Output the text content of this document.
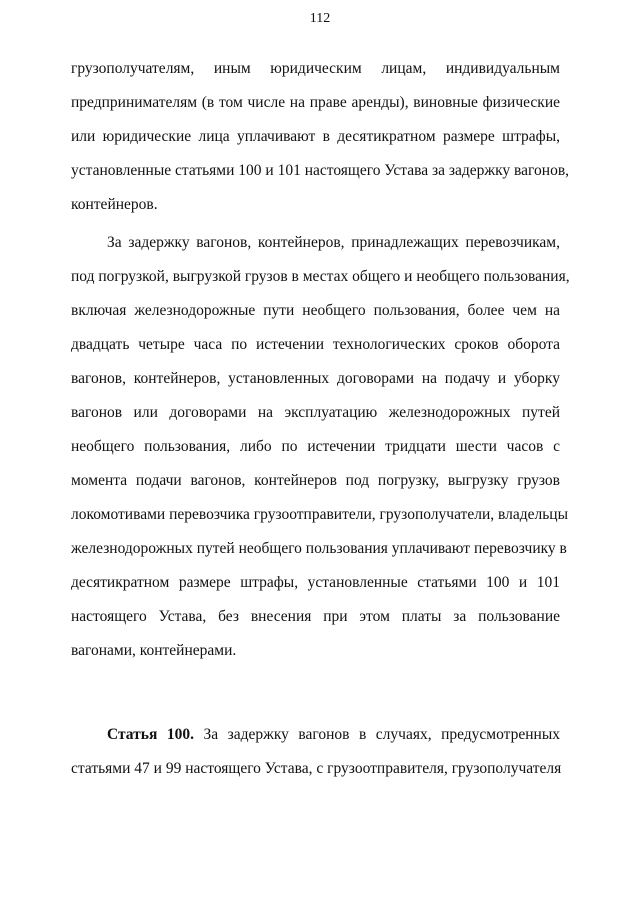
112
грузополучателям, иным юридическим лицам, индивидуальным
предпринимателям (в том числе на праве аренды), виновные физические
или юридические лица уплачивают в десятикратном размере штрафы,
установленные статьями 100 и 101 настоящего Устава за задержку вагонов,
контейнеров.
За задержку вагонов, контейнеров, принадлежащих перевозчикам,
под погрузкой, выгрузкой грузов в местах общего и необщего пользования,
включая железнодорожные пути необщего пользования, более чем на
двадцать четыре часа по истечении технологических сроков оборота
вагонов, контейнеров, установленных договорами на подачу и уборку
вагонов или договорами на эксплуатацию железнодорожных путей
необщего пользования, либо по истечении тридцати шести часов с
момента подачи вагонов, контейнеров под погрузку, выгрузку грузов
локомотивами перевозчика грузоотправители, грузополучатели, владельцы
железнодорожных путей необщего пользования уплачивают перевозчику в
десятикратном размере штрафы, установленные статьями 100 и 101
настоящего Устава, без внесения при этом платы за пользование
вагонами, контейнерами.
Статья 100. За задержку вагонов в случаях, предусмотренных
статьями 47 и 99 настоящего Устава, с грузоотправителя, грузополучателя
